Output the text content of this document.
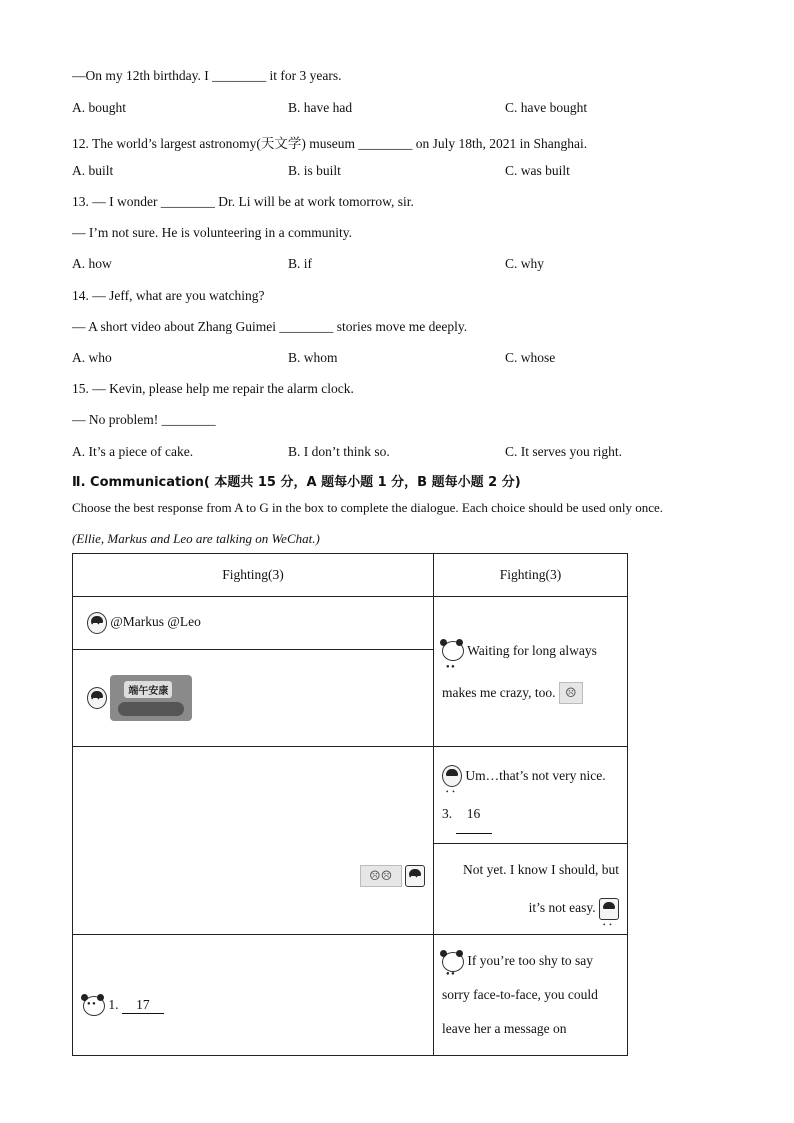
—On my 12th birthday. I ________ it for 3 years.
A. bought	B. have had	C. have bought
12. The world’s largest astronomy(天文学) museum ________ on July 18th, 2021 in Shanghai.
A. built	B. is built	C. was built
13. — I wonder ________ Dr. Li will be at work tomorrow, sir.
— I’m not sure. He is volunteering in a community.
A. how	B. if	C. why
14. — Jeff, what are you watching?
— A short video about Zhang Guimei ________ stories move me deeply.
A. who	B. whom	C. whose
15. — Kevin, please help me repair the alarm clock.
— No problem! ________
A. It’s a piece of cake.	B. I don’t think so.	C. It serves you right.
Ⅱ. Communication( 本题共 15 分，A 题每小题 1 分，B 题每小题 2 分)
Choose the best response from A to G in the box to complete the dialogue. Each choice should be used only once.
(Ellie, Markus and Leo are talking on WeChat.)
Fighting(3)	Fighting(3)

• • @Markus @Leo

● ● Waiting for long always
makes me crazy, too. ☹

• •
端午安康

☹☹ • •

• • Um…that’s not very nice.
3. 16

	Not yet. I know I should, but
it’s not easy. • •

● ● 1. 17

● ● If you’re too shy to say
sorry face-to-face, you could
leave her a message on
